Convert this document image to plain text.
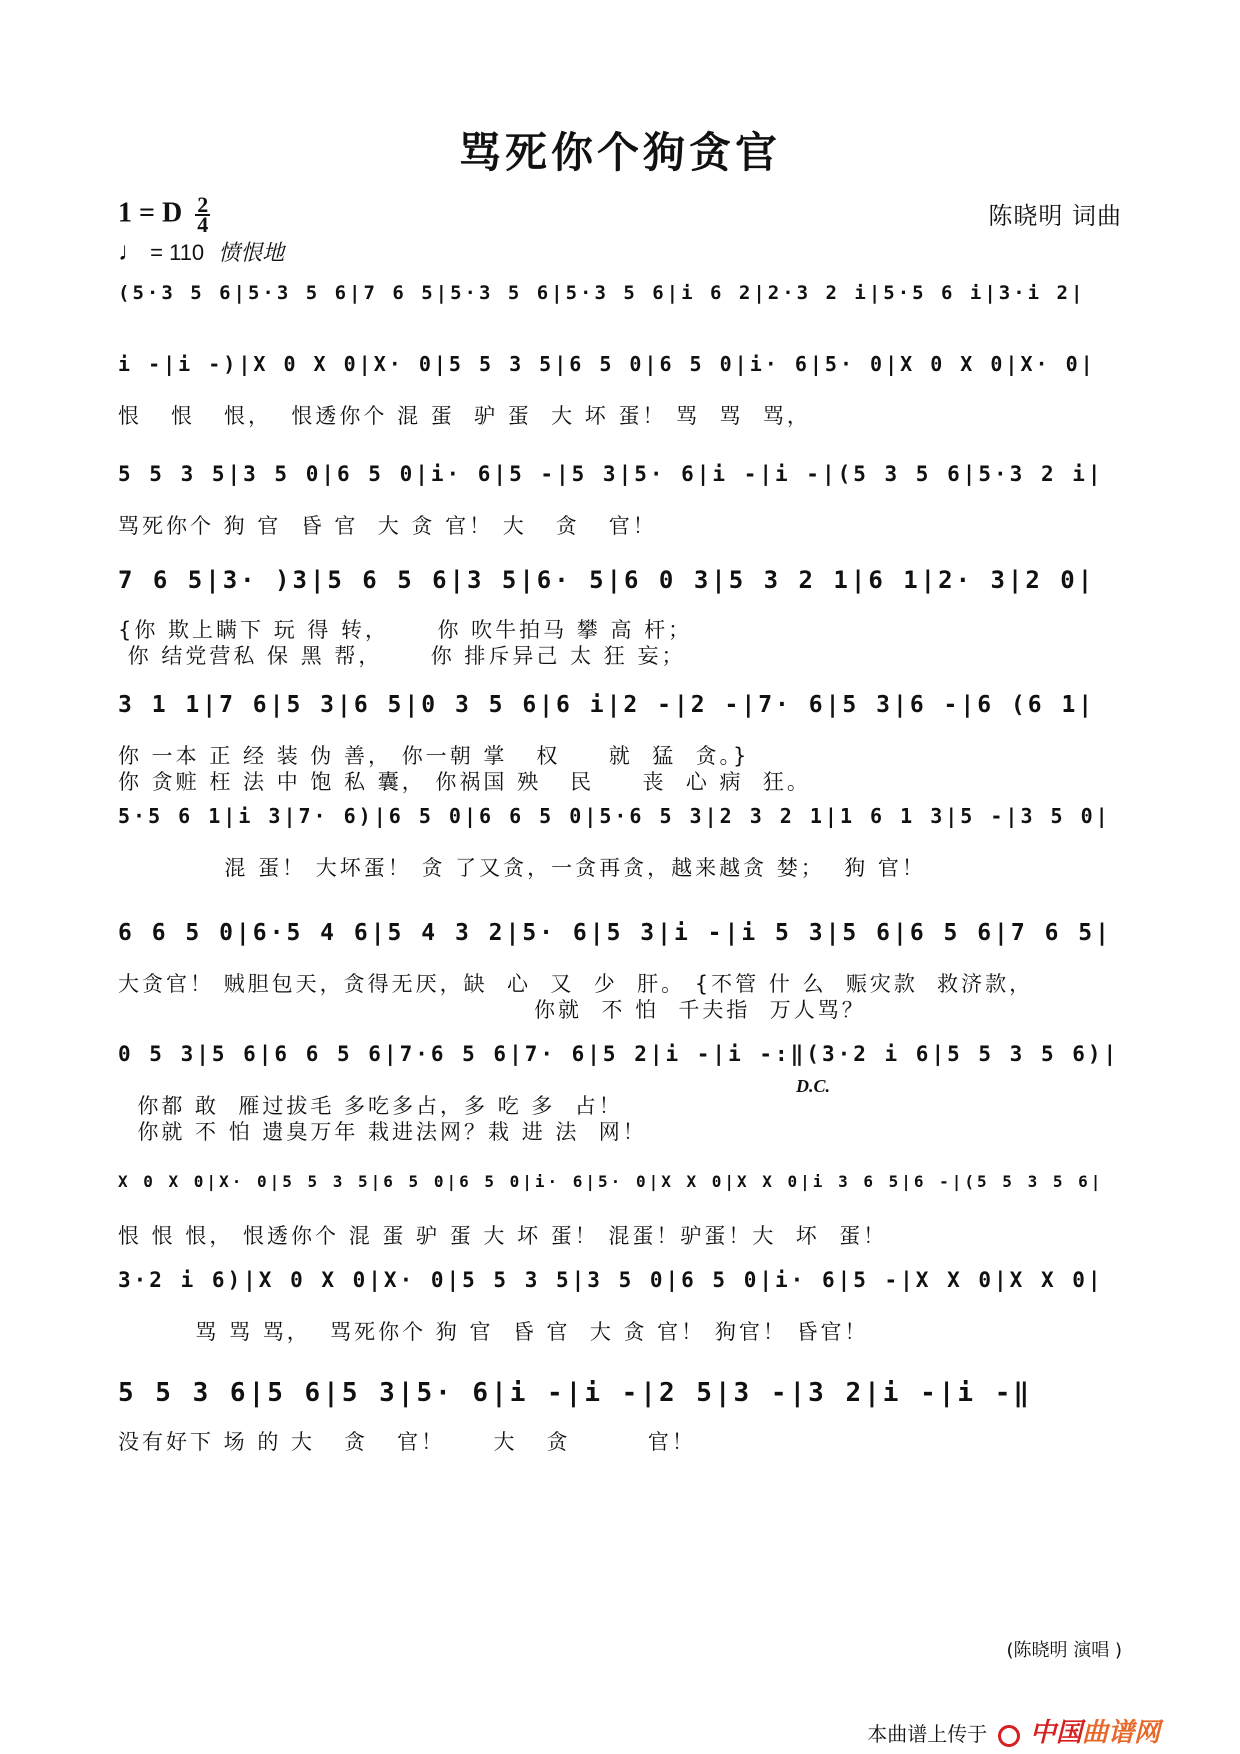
骂死你个狗贪官
1 = D $\frac{2}{4}$
♩ = 110 愤恨地
陈晓明 词曲
(5·3 5 6|5·3 5 6|7 6 5|5·3 5 6|5·3 5 6|i 6 2|2·3 2 i|5·5 6 i|3·i 2|
i -|i -)|X 0 X 0|X· 0|5 5 3 5|6 5 0|6 5 0|i· 6|5· 0|X 0 X 0|X· 0|
恨   恨   恨，  恨透你个 混 蛋  驴 蛋  大 坏 蛋！ 骂  骂  骂，
5 5 3 5|3 5 0|6 5 0|i· 6|5 -|5 3|5· 6|i -|i -|(5 3 5 6|5·3 2 i|
骂死你个 狗 官  昏 官  大 贪 官！ 大   贪   官！
7 6 5|3· )3|5 6 5 6|3 5|6· 5|6 0 3|5 3 2 1|6 1|2· 3|2 0|
{你 欺上瞒下 玩 得 转，     你 吹牛拍马 攀 高 杆；
你 结党营私 保 黑 帮，     你 排斥异己 太 狂 妄；
3 1 1|7 6|5 3|6 5|0 3 5 6|6 i|2 -|2 -|7· 6|5 3|6 -|6 (6 1|
你 一本 正 经 装 伪 善， 你一朝 掌   权     就  猛  贪。}
你 贪赃 枉 法 中 饱 私 囊， 你祸国 殃   民     丧  心 病  狂。
5·5 6 1|i 3|7· 6)|6 5 0|6 6 5 0|5·6 5 3|2 3 2 1|1 6 1 3|5 -|3 5 0|
混 蛋！ 大坏蛋！ 贪 了又贪，一贪再贪，越来越贪 婪；  狗 官！
6 6 5 0|6·5 4 6|5 4 3 2|5· 6|5 3|i -|i 5 3|5 6|6 5 6|7 6 5|
大贪官！ 贼胆包天，贪得无厌，缺  心  又  少  肝。 {不管 什 么  赈灾款  救济款，
你就  不 怕  千夫指  万人骂？
0 5 3|5 6|6 6 5 6|7·6 5 6|7· 6|5 2|i -|i -:‖(3·2 i 6|5 5 3 5 6)|
你都 敢  雁过拔毛 多吃多占，多 吃 多  占！
你就 不 怕 遗臭万年 栽进法网？栽 进 法  网！
X 0 X 0|X· 0|5 5 3 5|6 5 0|6 5 0|i· 6|5· 0|X X 0|X X 0|i 3 6 5|6 -|(5 5 3 5 6|
恨 恨 恨， 恨透你个 混 蛋 驴 蛋 大 坏 蛋！ 混蛋！驴蛋！大  坏  蛋！
3·2 i 6)|X 0 X 0|X· 0|5 5 3 5|3 5 0|6 5 0|i· 6|5 -|X X 0|X X 0|
骂 骂 骂，  骂死你个 狗 官  昏 官  大 贪 官！ 狗官！ 昏官！
5 5 3 6|5 6|5 3|5· 6|i -|i -|2 5|3 -|3 2|i -|i -‖
没有好下 场 的 大   贪   官！     大   贪        官！
D.C.
(陈晓明 演唱 )
本曲谱上传于 中国曲谱网
